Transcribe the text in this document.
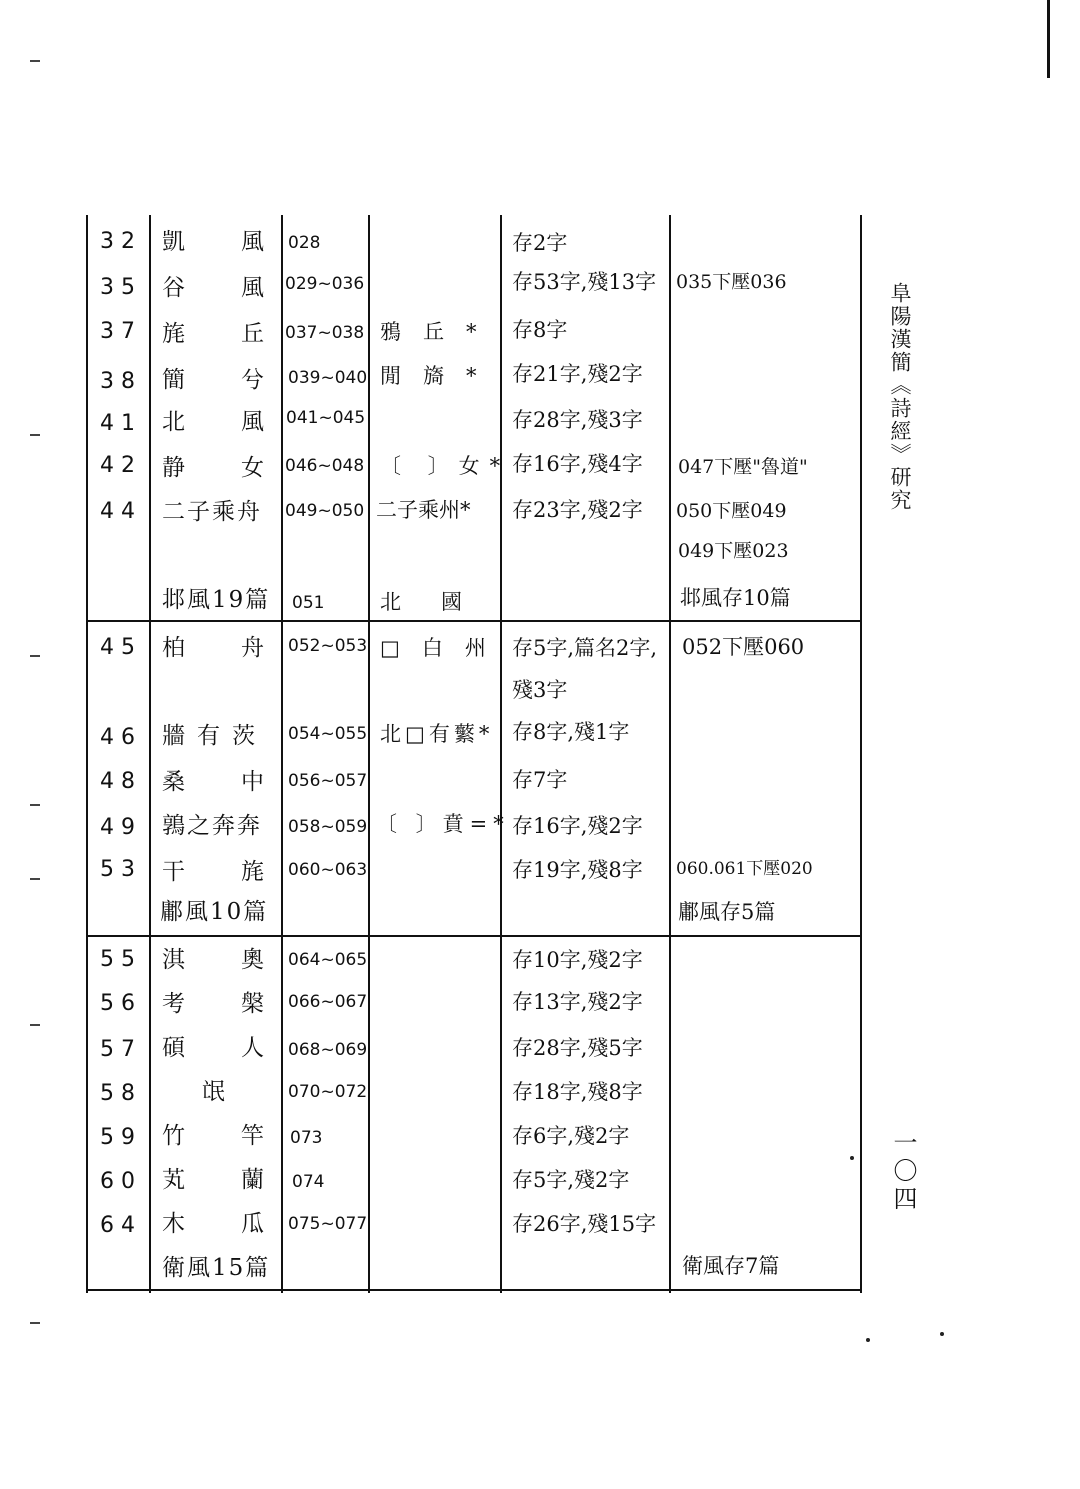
阜陽漢簡《詩經》研究
一〇四
32 凱 風 028	存2字
35 谷 風 029~036	存53字,殘13字 035下壓036
37 旄 丘 037~038 鴉丘* 存8字
38 簡 兮 039~040 閒旖* 存21字,殘2字
41 北 風 041~045	存28字,殘3字
42 静 女 046~048 〔 〕女* 存16字,殘4字 047下壓"魯道"
44 二子乘舟 049~050 二子乘州* 存23字,殘2字 050下壓049
049下壓023
邶風19篇 051	北國	邶風存10篇
45 柏 舟 052~053 □白州 存5字,篇名2字, 052下壓060
殘3字
46 牆有茨 054~055 北□有蘩* 存8字,殘1字
48 桑 中 056~057	存7字
49 鶉之奔奔 058~059 〔 〕賁=* 存16字,殘2字
53 干 旄 060~063	存19字,殘8字 060.061下壓020
鄘風10篇	鄘風存5篇
55 淇 奧 064~065	存10字,殘2字
56 考 槃 066~067	存13字,殘2字
57 碩 人 068~069	存28字,殘5字
58	氓	070~072	存18字,殘8字
59 竹 竿 073	存6字,殘2字
60 芄 蘭 074	存5字,殘2字
64 木 瓜 075~077	存26字,殘15字
衛風15篇	衛風存7篇
